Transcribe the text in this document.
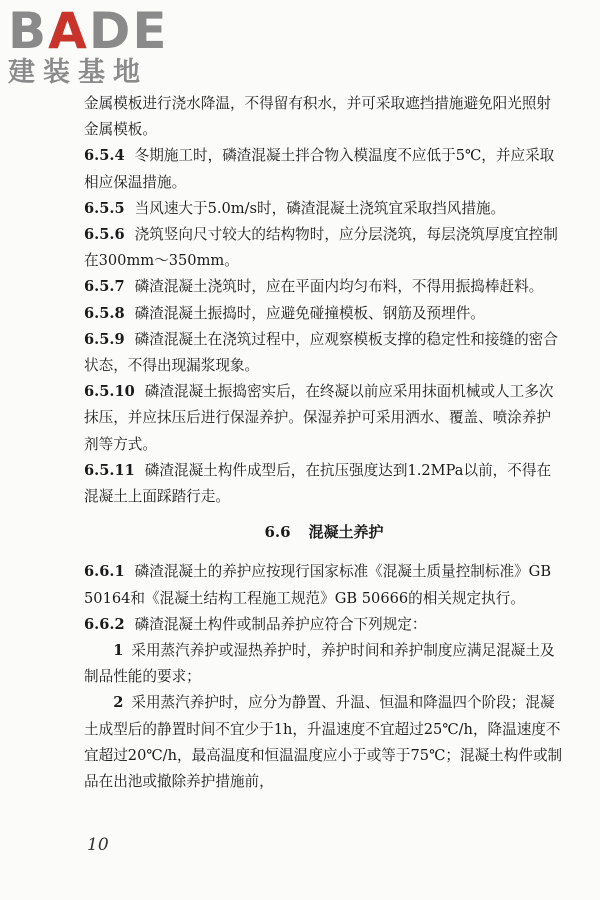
BADE
建装基地

金属模板进行浇水降温，不得留有积水，并可采取遮挡措施避免阳光照射金属模板。

6.5.4 冬期施工时，磷渣混凝土拌合物入模温度不应低于5℃，并应采取相应保温措施。

6.5.5 当风速大于5.0m/s时，磷渣混凝土浇筑宜采取挡风措施。

6.5.6 浇筑竖向尺寸较大的结构物时，应分层浇筑，每层浇筑厚度宜控制在300mm～350mm。

6.5.7 磷渣混凝土浇筑时，应在平面内均匀布料，不得用振捣棒赶料。

6.5.8 磷渣混凝土振捣时，应避免碰撞模板、钢筋及预埋件。

6.5.9 磷渣混凝土在浇筑过程中，应观察模板支撑的稳定性和接缝的密合状态，不得出现漏浆现象。

6.5.10 磷渣混凝土振捣密实后，在终凝以前应采用抹面机械或人工多次抹压，并应抹压后进行保湿养护。保湿养护可采用洒水、覆盖、喷涂养护剂等方式。

6.5.11 磷渣混凝土构件成型后，在抗压强度达到1.2MPa以前，不得在混凝土上面踩踏行走。

6.6 混凝土养护

6.6.1 磷渣混凝土的养护应按现行国家标准《混凝土质量控制标准》GB 50164和《混凝土结构工程施工规范》GB 50666的相关规定执行。

6.6.2 磷渣混凝土构件或制品养护应符合下列规定：

1 采用蒸汽养护或湿热养护时，养护时间和养护制度应满足混凝土及制品性能的要求；

2 采用蒸汽养护时，应分为静置、升温、恒温和降温四个阶段；混凝土成型后的静置时间不宜少于1h，升温速度不宜超过25℃/h，降温速度不宜超过20℃/h，最高温度和恒温温度应小于或等于75℃；混凝土构件或制品在出池或撤除养护措施前，

10
